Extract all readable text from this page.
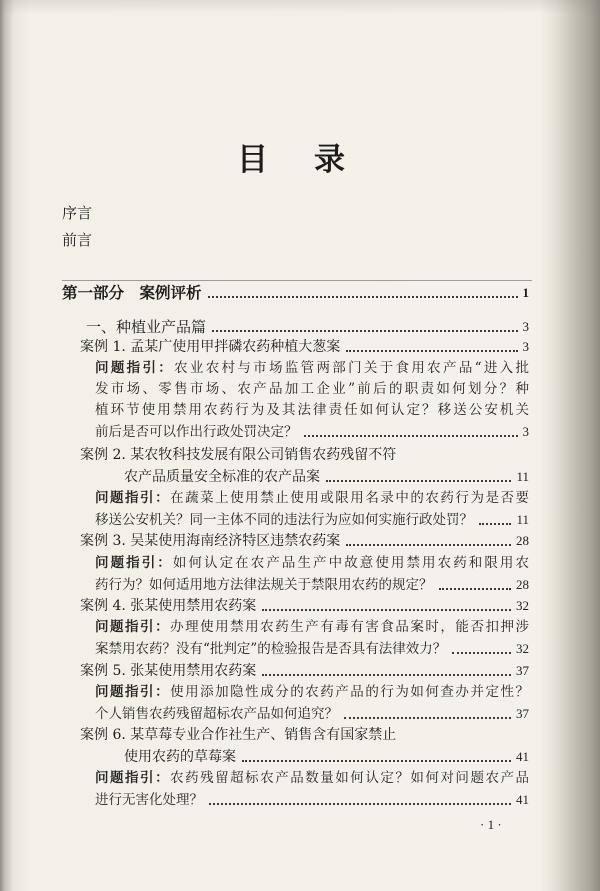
目录
序言
前言
第一部分　案例评析	1
一、种植业产品篇	3
案例 1. 孟某广使用甲拌磷农药种植大葱案	3
问题指引：农业农村与市场监管两部门关于食用农产品“进入批
发市场、零售市场、农产品加工企业”前后的职责如何划分？种
植环节使用禁用农药行为及其法律责任如何认定？移送公安机关
前后是否可以作出行政处罚决定？	3
案例 2. 某农牧科技发展有限公司销售农药残留不符
农产品质量安全标准的农产品案	11
问题指引：在蔬菜上使用禁止使用或限用名录中的农药行为是否要
移送公安机关？同一主体不同的违法行为应如何实施行政处罚？	11
案例 3. 吴某使用海南经济特区违禁农药案	28
问题指引：如何认定在农产品生产中故意使用禁用农药和限用农
药行为？如何适用地方法律法规关于禁限用农药的规定？	28
案例 4. 张某使用禁用农药案	32
问题指引：办理使用禁用农药生产有毒有害食品案时，能否扣押涉
案禁用农药？没有“批判定”的检验报告是否具有法律效力？	32
案例 5. 张某使用禁用农药案	37
问题指引：使用添加隐性成分的农药产品的行为如何查办并定性？
个人销售农药残留超标农产品如何追究？	37
案例 6. 某草莓专业合作社生产、销售含有国家禁止
使用农药的草莓案	41
问题指引：农药残留超标农产品数量如何认定？如何对问题农产品
进行无害化处理？	41
· 1 ·
